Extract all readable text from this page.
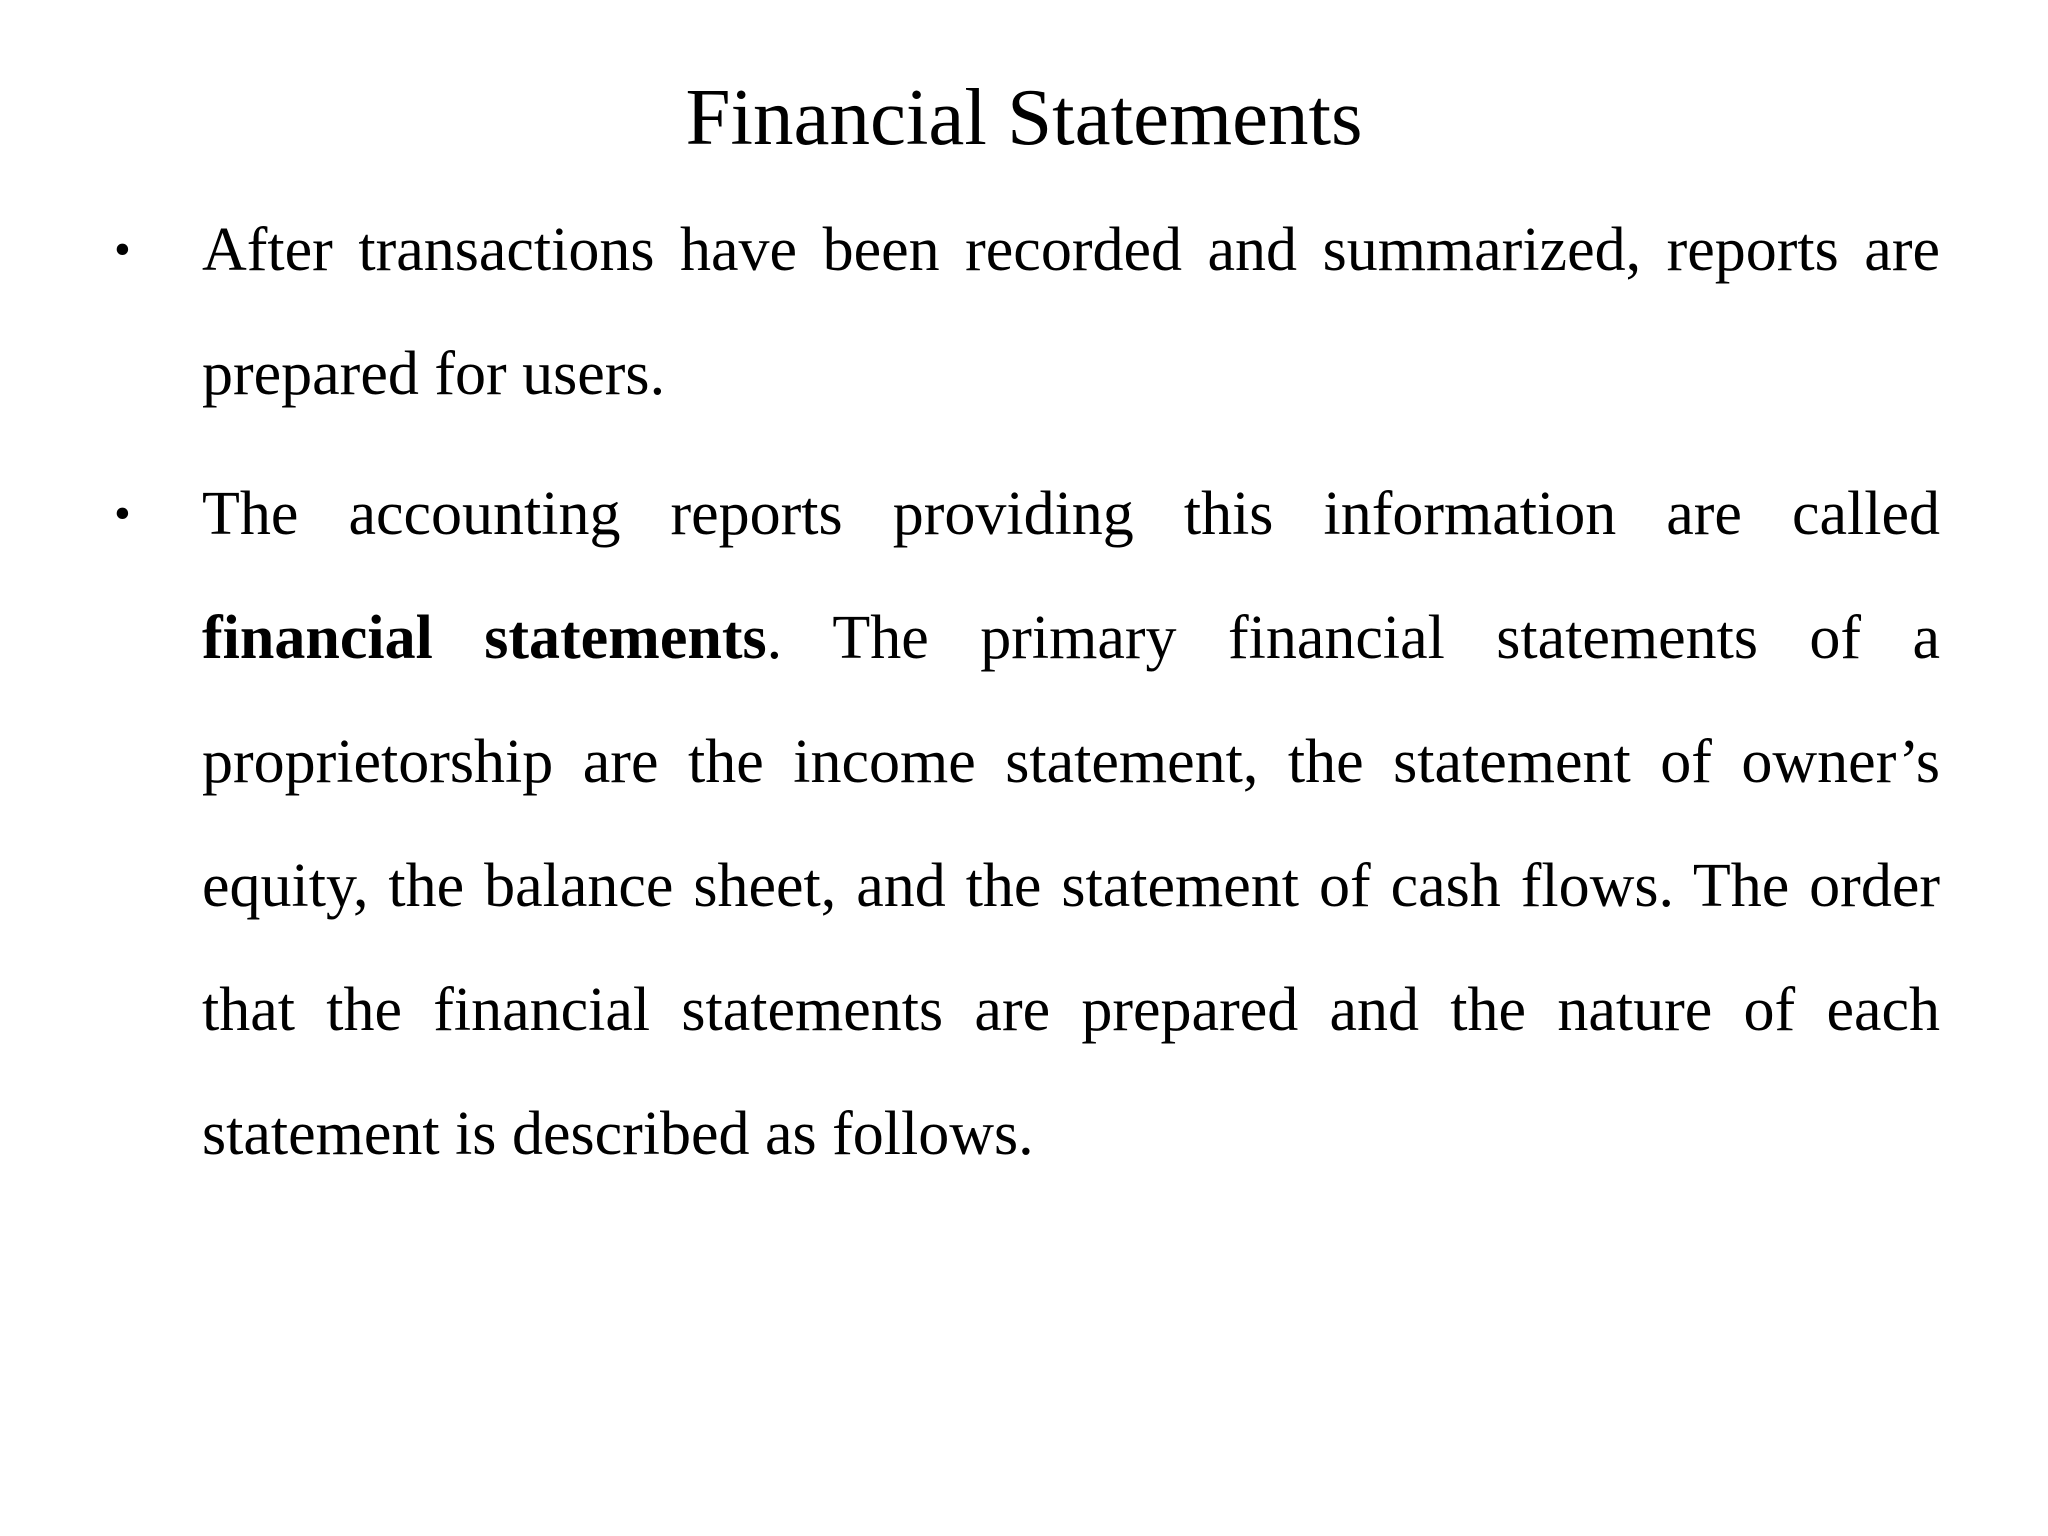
Financial Statements
•	After transactions have been recorded and summarized, reports are prepared for users.
•	The accounting reports providing this information are called financial statements. The primary financial statements of a proprietorship are the income statement, the statement of owner’s equity, the balance sheet, and the statement of cash flows. The order that the financial statements are prepared and the nature of each statement is described as follows.
